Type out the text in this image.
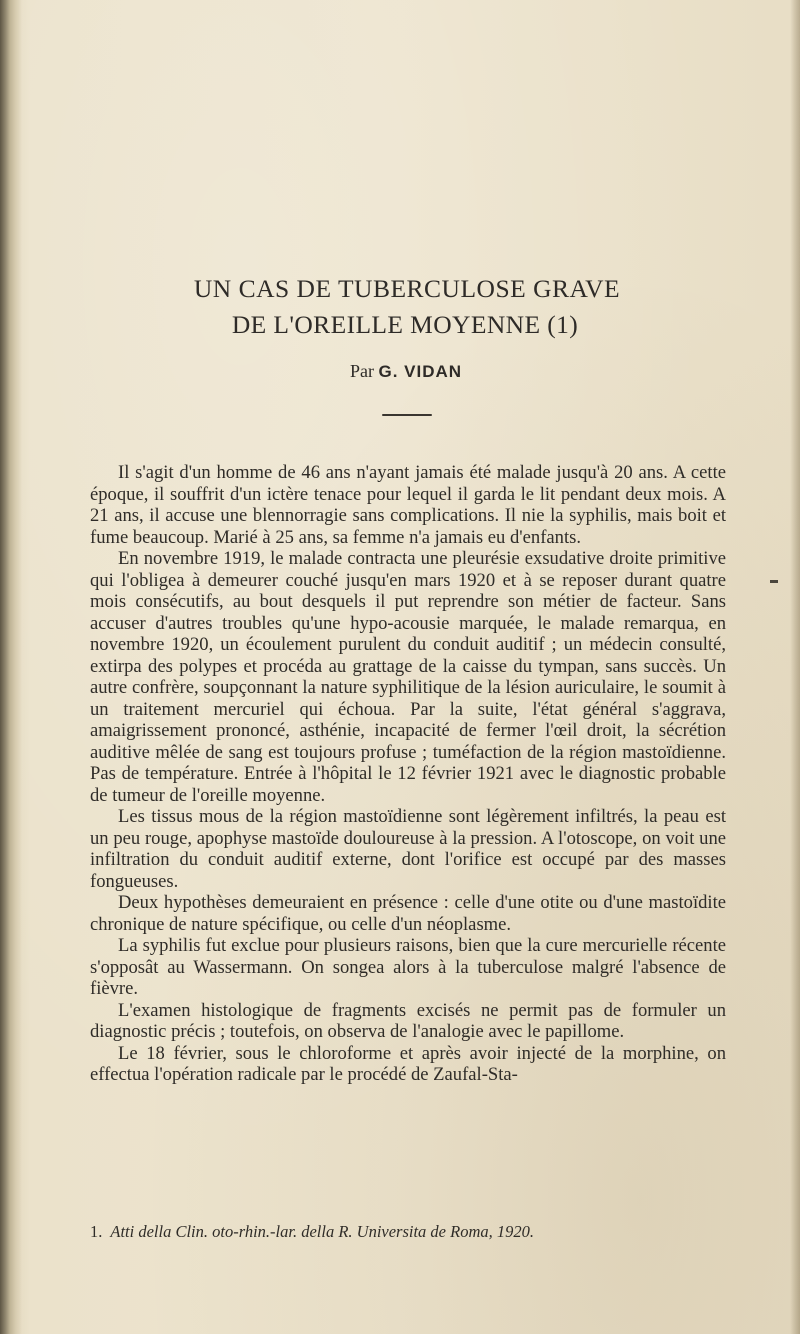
UN CAS DE TUBERCULOSE GRAVE
DE L'OREILLE MOYENNE (1)
Par G. VIDAN

Il s'agit d'un homme de 46 ans n'ayant jamais été malade jusqu'à 20 ans. A cette époque, il souffrit d'un ictère tenace pour lequel il garda le lit pendant deux mois. A 21 ans, il accuse une blennorragie sans complications. Il nie la syphilis, mais boit et fume beaucoup. Marié à 25 ans, sa femme n'a jamais eu d'enfants.

En novembre 1919, le malade contracta une pleurésie exsudative droite primitive qui l'obligea à demeurer couché jusqu'en mars 1920 et à se reposer durant quatre mois consécutifs, au bout desquels il put reprendre son métier de facteur. Sans accuser d'autres troubles qu'une hypo-acousie marquée, le malade remarqua, en novembre 1920, un écoulement purulent du conduit auditif ; un médecin consulté, extirpa des polypes et procéda au grattage de la caisse du tympan, sans succès. Un autre confrère, soupçonnant la nature syphilitique de la lésion auriculaire, le soumit à un traitement mercuriel qui échoua. Par la suite, l'état général s'aggrava, amaigrissement prononcé, asthénie, incapacité de fermer l'œil droit, la sécrétion auditive mêlée de sang est toujours profuse ; tuméfaction de la région mastoïdienne. Pas de température. Entrée à l'hôpital le 12 février 1921 avec le diagnostic probable de tumeur de l'oreille moyenne.

Les tissus mous de la région mastoïdienne sont légèrement infiltrés, la peau est un peu rouge, apophyse mastoïde douloureuse à la pression. A l'otoscope, on voit une infiltration du conduit auditif externe, dont l'orifice est occupé par des masses fongueuses.

Deux hypothèses demeuraient en présence : celle d'une otite ou d'une mastoïdite chronique de nature spécifique, ou celle d'un néoplasme.

La syphilis fut exclue pour plusieurs raisons, bien que la cure mercurielle récente s'opposât au Wassermann. On songea alors à la tuberculose malgré l'absence de fièvre.

L'examen histologique de fragments excisés ne permit pas de formuler un diagnostic précis ; toutefois, on observa de l'analogie avec le papillome.

Le 18 février, sous le chloroforme et après avoir injecté de la morphine, on effectua l'opération radicale par le procédé de Zaufal-Sta-

1. Atti della Clin. oto-rhin.-lar. della R. Universita de Roma, 1920.
